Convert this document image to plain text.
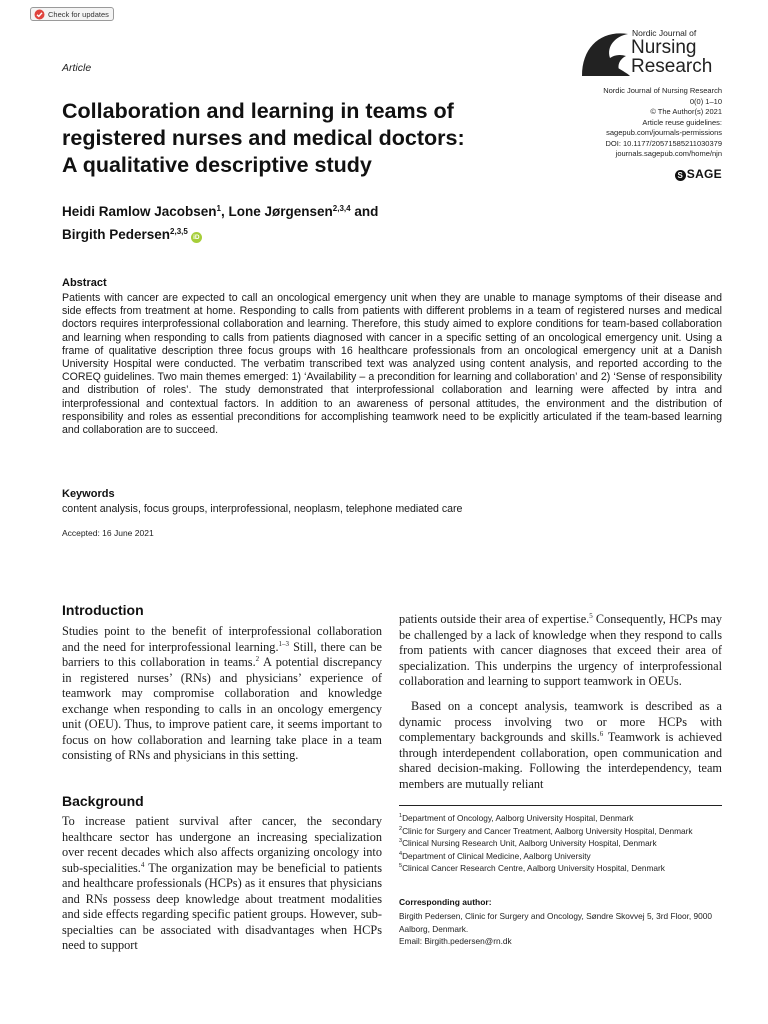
Check for updates
Article
Nordic Journal of
Nursing
Research
Nordic Journal of Nursing Research
0(0) 1–10
© The Author(s) 2021
Article reuse guidelines:
sagepub.com/journals-permissions
DOI: 10.1177/20571585211030379
journals.sagepub.com/home/njn
S SAGE
Collaboration and learning in teams of
registered nurses and medical doctors:
A qualitative descriptive study
Heidi Ramlow Jacobsen$^1$, Lone Jørgensen$^{2,3,4}$ and
Birgith Pedersen$^{2,3,5}$iD
Abstract

Patients with cancer are expected to call an oncological emergency unit when they are unable to manage symptoms of their disease and side effects from treatment at home. Responding to calls from patients with different problems in a team of registered nurses and medical doctors requires interprofessional collaboration and learning. Therefore, this study aimed to explore conditions for team-based collaboration and learning when responding to calls from patients diagnosed with cancer in a specific setting of an oncological emergency unit. Using a frame of qualitative description three focus groups with 16 healthcare professionals from an oncological emergency unit at a Danish University Hospital were conducted. The verbatim transcribed text was analyzed using content analysis, and reported according to the COREQ guidelines. Two main themes emerged: 1) ‘Availability – a precondition for learning and collaboration’ and 2) ‘Sense of responsibility and distribution of roles’. The study demonstrated that interprofessional collaboration and learning were affected by intra and interprofessional and contextual factors. In addition to an awareness of personal attitudes, the environment and the distribution of responsibility and roles as essential preconditions for accomplishing teamwork need to be explicitly articulated if the team-based learning and collaboration are to succeed.

Keywords
content analysis, focus groups, interprofessional, neoplasm, telephone mediated care
Accepted: 16 June 2021
Introduction

Studies point to the benefit of interprofessional collaboration and the need for interprofessional learning.$^{1-3}$ Still, there can be barriers to this collaboration in teams.$^2$ A potential discrepancy in registered nurses’ (RNs) and physicians’ experience of teamwork may compromise collaboration and knowledge exchange when responding to calls in an oncology emergency unit (OEU). Thus, to improve patient care, it seems important to focus on how collaboration and learning take place in a team consisting of RNs and physicians in this setting.

Background

To increase patient survival after cancer, the secondary healthcare sector has undergone an increasing specialization over recent decades which also affects organizing oncology into sub-specialities.$^4$ The organization may be beneficial to patients and healthcare professionals (HCPs) as it ensures that physicians and RNs possess deep knowledge about treatment modalities and side effects regarding specific patient groups. However, sub-specialties can be associated with disadvantages when HCPs need to support

patients outside their area of expertise.$^5$ Consequently, HCPs may be challenged by a lack of knowledge when they respond to calls from patients with cancer diagnoses that exceed their area of specialization. This underpins the urgency of interprofessional collaboration and learning to support teamwork in OEUs.

Based on a concept analysis, teamwork is described as a dynamic process involving two or more HCPs with complementary backgrounds and skills.$^6$ Teamwork is achieved through interdependent collaboration, open communication and shared decision-making. Following the interdependency, team members are mutually reliant

$^1$Department of Oncology, Aalborg University Hospital, Denmark
$^2$Clinic for Surgery and Cancer Treatment, Aalborg University Hospital, Denmark
$^3$Clinical Nursing Research Unit, Aalborg University Hospital, Denmark
$^4$Department of Clinical Medicine, Aalborg University
$^5$Clinical Cancer Research Centre, Aalborg University Hospital, Denmark
Corresponding author:
Birgith Pedersen, Clinic for Surgery and Oncology, Søndre Skovvej 5, 3rd Floor, 9000 Aalborg, Denmark.
Email: Birgith.pedersen@rn.dk
